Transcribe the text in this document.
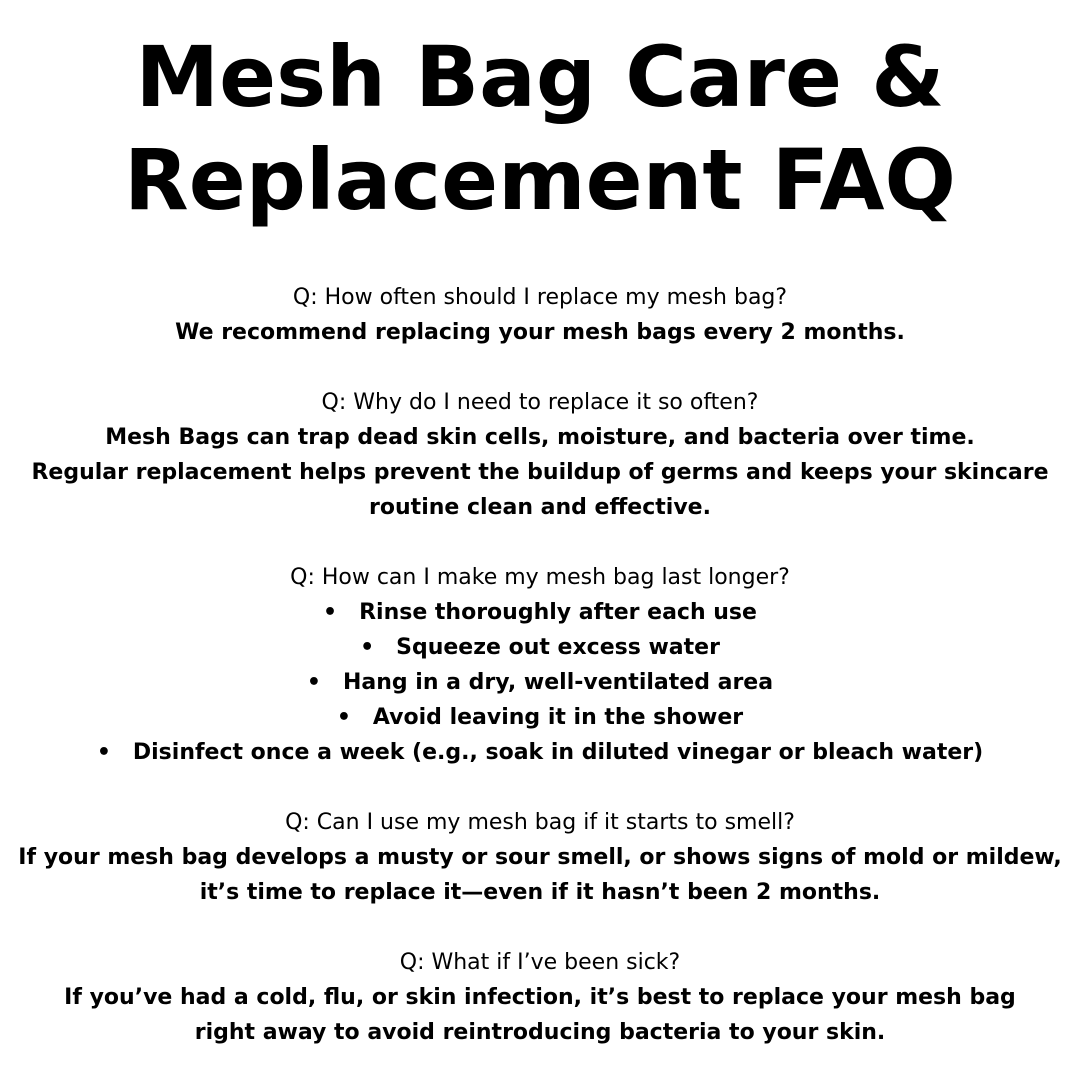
Mesh Bag Care &
Replacement FAQ
Q: How often should I replace my mesh bag?
We recommend replacing your mesh bags every 2 months.
Q: Why do I need to replace it so often?
Mesh Bags can trap dead skin cells, moisture, and bacteria over time.
Regular replacement helps prevent the buildup of germs and keeps your skincare
routine clean and effective.
Q: How can I make my mesh bag last longer?
• Rinse thoroughly after each use
• Squeeze out excess water
• Hang in a dry, well-ventilated area
• Avoid leaving it in the shower
• Disinfect once a week (e.g., soak in diluted vinegar or bleach water)
Q: Can I use my mesh bag if it starts to smell?
If your mesh bag develops a musty or sour smell, or shows signs of mold or mildew,
it’s time to replace it—even if it hasn’t been 2 months.
Q: What if I’ve been sick?
If you’ve had a cold, flu, or skin infection, it’s best to replace your mesh bag
right away to avoid reintroducing bacteria to your skin.
